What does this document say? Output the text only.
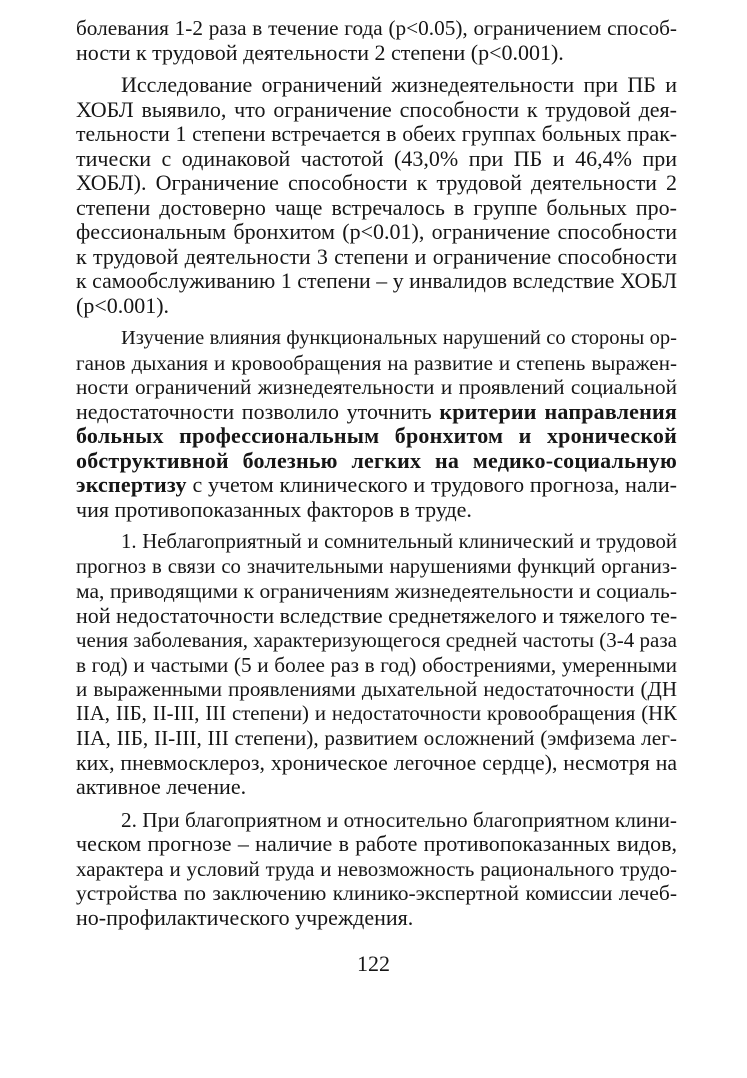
болевания 1-2 раза в течение года (p<0.05), ограничением способ-
ности к трудовой деятельности 2 степени (p<0.001).
Исследование ограничений жизнедеятельности при ПБ и
ХОБЛ выявило, что ограничение способности к трудовой дея-
тельности 1 степени встречается в обеих группах больных прак-
тически с одинаковой частотой (43,0% при ПБ и 46,4% при
ХОБЛ). Ограничение способности к трудовой деятельности 2
степени достоверно чаще встречалось в группе больных про-
фессиональным бронхитом (p<0.01), ограничение способности
к трудовой деятельности 3 степени и ограничение способности
к самообслуживанию 1 степени – у инвалидов вследствие ХОБЛ
(p<0.001).
Изучение влияния функциональных нарушений со стороны ор-
ганов дыхания и кровообращения на развитие и степень выражен-
ности ограничений жизнедеятельности и проявлений социальной
недостаточности позволило уточнить критерии направления
больных профессиональным бронхитом и хронической
обструктивной болезнью легких на медико-социальную
экспертизу с учетом клинического и трудового прогноза, нали-
чия противопоказанных факторов в труде.
1. Неблагоприятный и сомнительный клинический и трудовой
прогноз в связи со значительными нарушениями функций организ-
ма, приводящими к ограничениям жизнедеятельности и социаль-
ной недостаточности вследствие среднетяжелого и тяжелого те-
чения заболевания, характеризующегося средней частоты (3-4 раза
в год) и частыми (5 и более раз в год) обострениями, умеренными
и выраженными проявлениями дыхательной недостаточности (ДН
IIА, IIБ, II-III, III степени) и недостаточности кровообращения (НК
IIА, IIБ, II-III, III степени), развитием осложнений (эмфизема лег-
ких, пневмосклероз, хроническое легочное сердце), несмотря на
активное лечение.
2. При благоприятном и относительно благоприятном клини-
ческом прогнозе – наличие в работе противопоказанных видов,
характера и условий труда и невозможность рационального трудо-
устройства по заключению клинико-экспертной комиссии лечеб-
но-профилактического учреждения.
122
